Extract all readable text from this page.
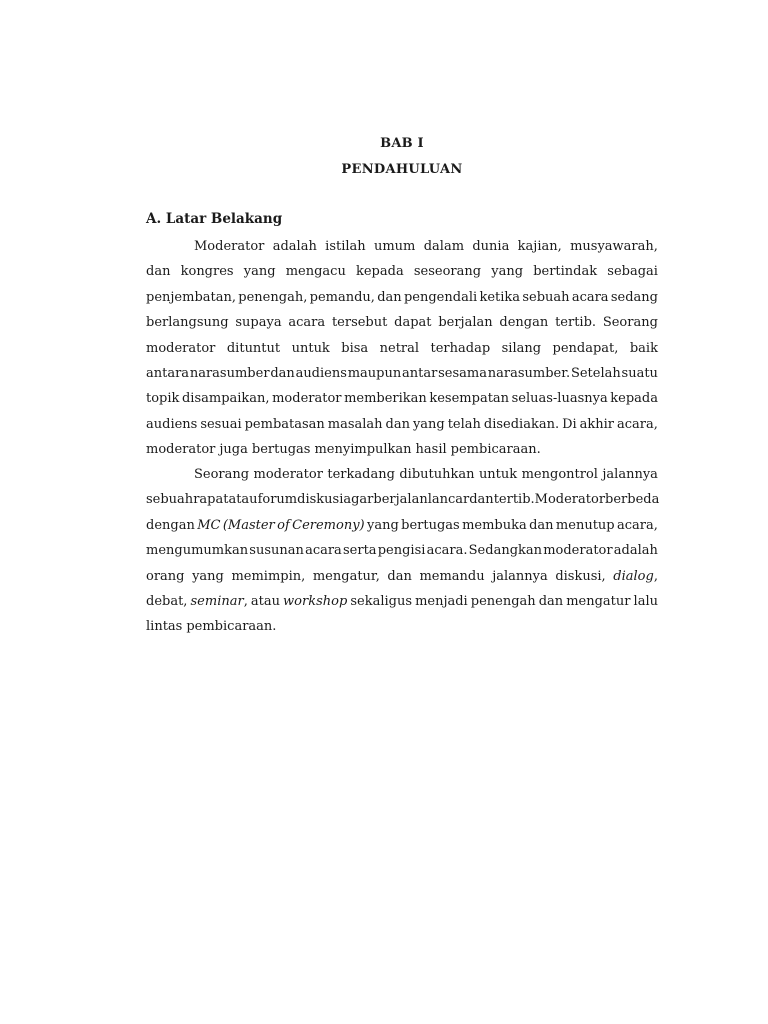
BAB I
PENDAHULUAN
A. Latar Belakang
Moderator adalah istilah umum dalam dunia kajian, musyawarah,
dan kongres yang mengacu kepada seseorang yang bertindak sebagai
penjembatan, penengah, pemandu, dan pengendali ketika sebuah acara sedang
berlangsung supaya acara tersebut dapat berjalan dengan tertib. Seorang
moderator dituntut untuk bisa netral terhadap silang pendapat, baik
antara narasumber dan audiens maupun antar sesama narasumber. Setelah suatu
topik disampaikan, moderator memberikan kesempatan seluas-luasnya kepada
audiens sesuai pembatasan masalah dan yang telah disediakan. Di akhir acara,
moderator juga bertugas menyimpulkan hasil pembicaraan.
Seorang moderator terkadang dibutuhkan untuk mengontrol jalannya
sebuah rapat atau forum diskusi agar berjalan lancar dan tertib. Moderator berbeda
dengan MC (Master of Ceremony) yang bertugas membuka dan menutup acara,
mengumumkan susunan acara serta pengisi acara. Sedangkan moderator adalah
orang yang memimpin, mengatur, dan memandu jalannya diskusi, dialog,
debat, seminar, atau workshop sekaligus menjadi penengah dan mengatur lalu
lintas pembicaraan.
